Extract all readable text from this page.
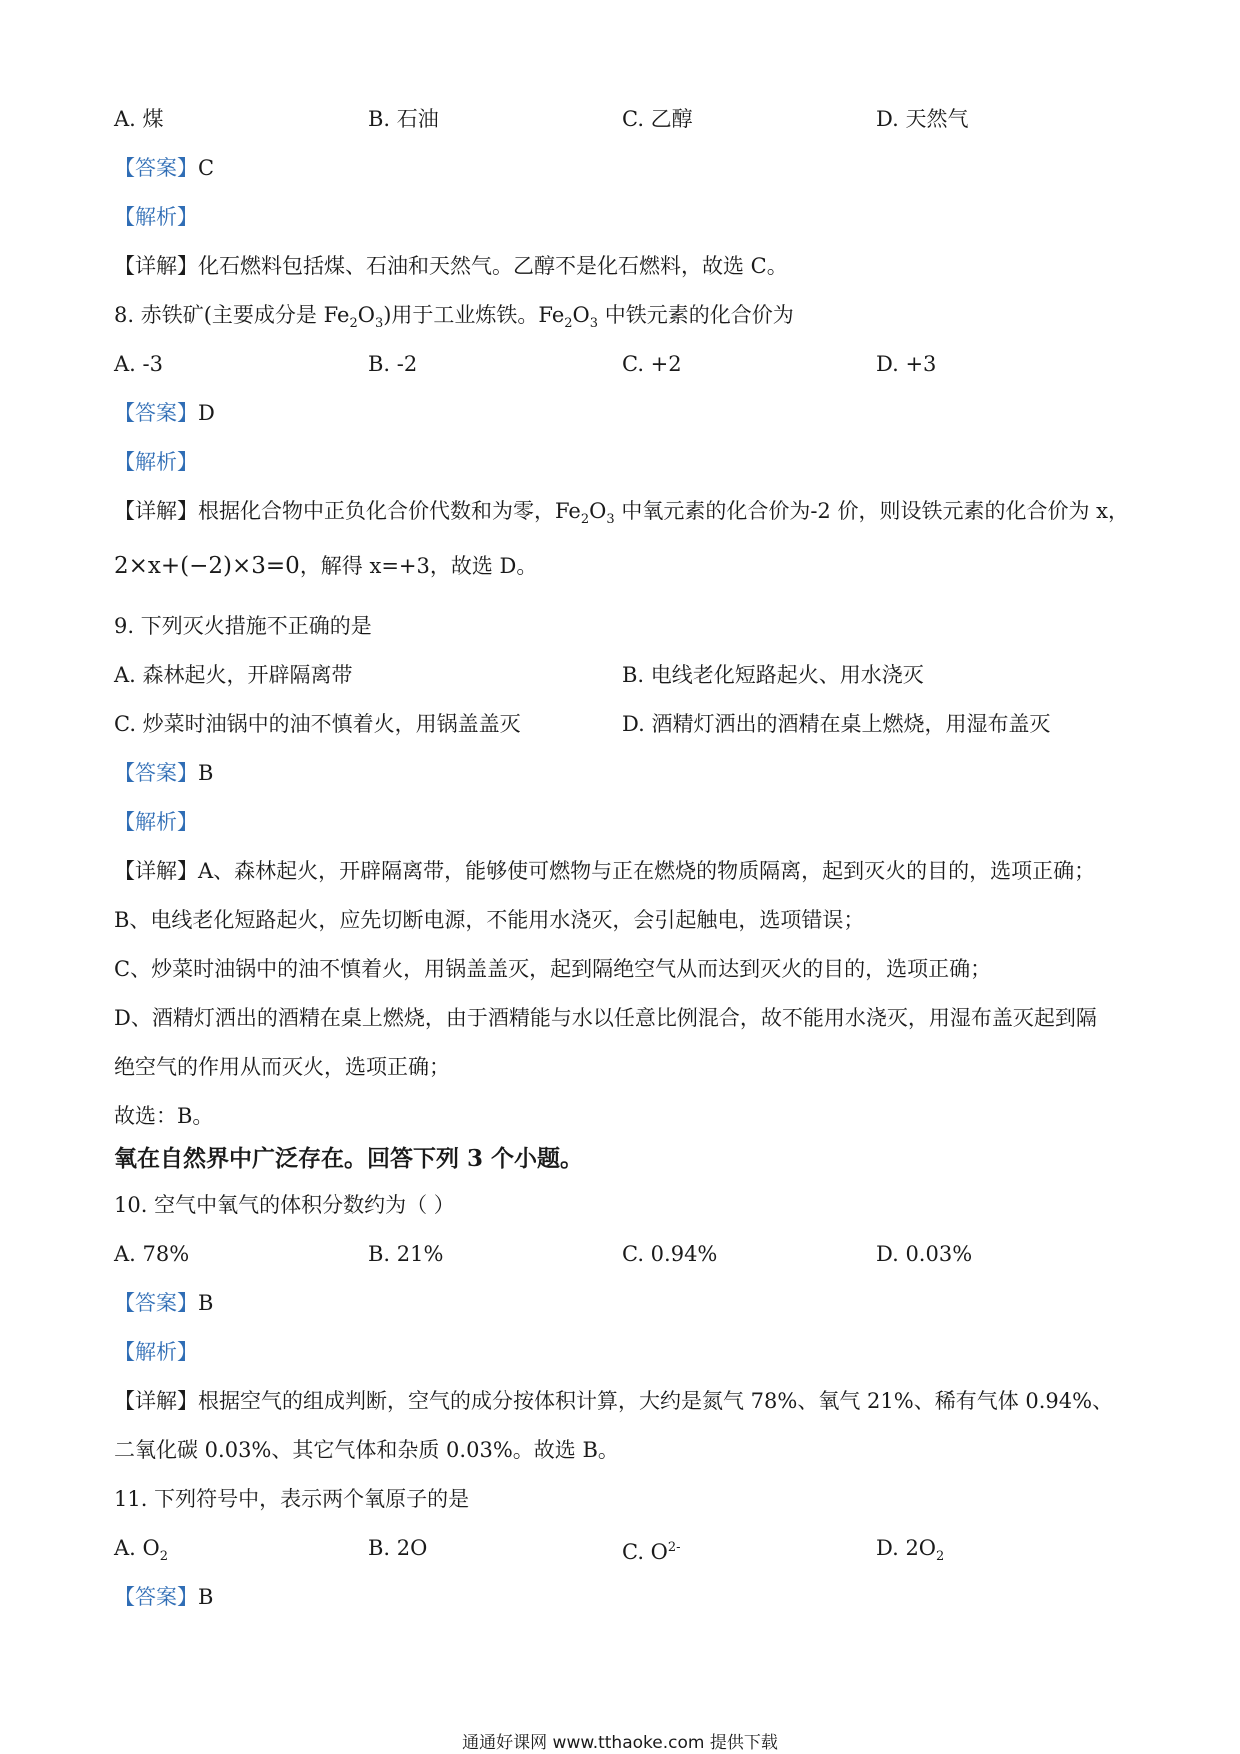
A. 煤	B. 石油	C. 乙醇	D. 天然气
【答案】C
【解析】
【详解】化石燃料包括煤、石油和天然气。乙醇不是化石燃料，故选 C。
8. 赤铁矿(主要成分是 $Fe_2O_3$)用于工业炼铁。$Fe_2O_3$ 中铁元素的化合价为
A. -3	B. -2	C. +2	D. +3
【答案】D
【解析】
【详解】根据化合物中正负化合价代数和为零，$Fe_2O_3$ 中氧元素的化合价为-2 价，则设铁元素的化合价为 x，
2×x+(−2)×3=0，解得 x=+3，故选 D。
9. 下列灭火措施不正确的是
A. 森林起火，开辟隔离带	B. 电线老化短路起火、用水浇灭
C. 炒菜时油锅中的油不慎着火，用锅盖盖灭	D. 酒精灯洒出的酒精在桌上燃烧，用湿布盖灭
【答案】B
【解析】
【详解】A、森林起火，开辟隔离带，能够使可燃物与正在燃烧的物质隔离，起到灭火的目的，选项正确；
B、电线老化短路起火，应先切断电源，不能用水浇灭，会引起触电，选项错误；
C、炒菜时油锅中的油不慎着火，用锅盖盖灭，起到隔绝空气从而达到灭火的目的，选项正确；
D、酒精灯洒出的酒精在桌上燃烧，由于酒精能与水以任意比例混合，故不能用水浇灭，用湿布盖灭起到隔
绝空气的作用从而灭火，选项正确；
故选：B。
氧在自然界中广泛存在。回答下列 3 个小题。
10. 空气中氧气的体积分数约为（ ）
A. 78%	B. 21%	C. 0.94%	D. 0.03%
【答案】B
【解析】
【详解】根据空气的组成判断，空气的成分按体积计算，大约是氮气 78%、氧气 21%、稀有气体 0.94%、
二氧化碳 0.03%、其它气体和杂质 0.03%。故选 B。
11. 下列符号中，表示两个氧原子的是
A. $O_2$	B. 2O	C. $O^{2-}$	D. $2O_2$
【答案】B
通通好课网 www.tthaoke.com 提供下载
